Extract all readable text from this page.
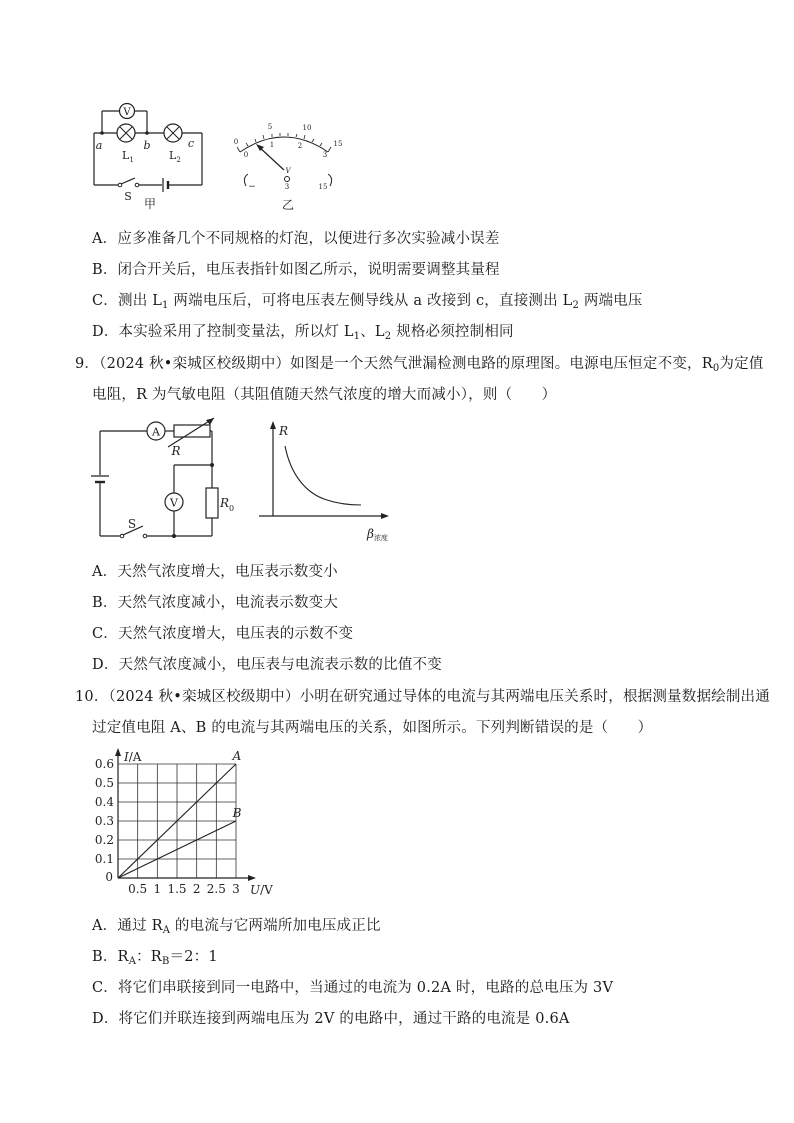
V
a	b	c
$L_1$	$L_2$
S
甲
0
5	10
15
0
1	2
3
V
−	3	15
乙
A．应多准备几个不同规格的灯泡，以便进行多次实验减小误差
B．闭合开关后，电压表指针如图乙所示，说明需要调整其量程
C．测出 $L_1$ 两端电压后，可将电压表左侧导线从 a 改接到 c，直接测出 $L_2$ 两端电压
D．本实验采用了控制变量法，所以灯 $L_1$、$L_2$ 规格必须控制相同
9．（2024 秋•栾城区校级期中）如图是一个天然气泄漏检测电路的原理图。电源电压恒定不变，$R_0$为定值
电阻，R 为气敏电阻（其阻值随天然气浓度的增大而减小），则（　　）
A
R
V	$R_0$
S
R
β浓度
A．天然气浓度增大，电压表示数变小
B．天然气浓度减小，电流表示数变大
C．天然气浓度增大，电压表的示数不变
D．天然气浓度减小，电压表与电流表示数的比值不变
10．（2024 秋•栾城区校级期中）小明在研究通过导体的电流与其两端电压关系时，根据测量数据绘制出通
过定值电阻 A、B 的电流与其两端电压的关系，如图所示。下列判断错误的是（　　）
0.6
0.5
0.4
0.3
0.2
0.1
0.5 1 1.5 2 2.5 3
0
I/A
U/V
A
B
A．通过 $R_A$ 的电流与它两端所加电压成正比
B．$R_A$：$R_B=2$：1
C．将它们串联接到同一电路中，当通过的电流为 0.2A 时，电路的总电压为 3V
D．将它们并联连接到两端电压为 2V 的电路中，通过干路的电流是 0.6A
